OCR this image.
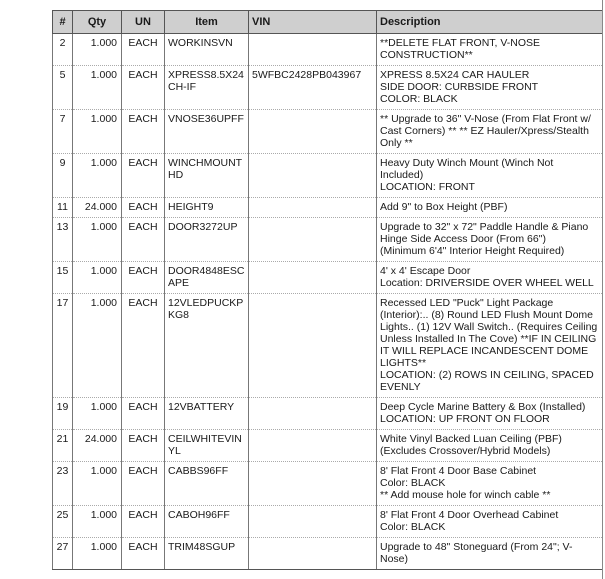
#	Qty	UN	Item	VIN	Description
2	1.000	EACH	WORKINSVN		**DELETE FLAT FRONT, V-NOSE CONSTRUCTION**

5	1.000	EACH	XPRESS8.5X24CH-IF	5WFBC2428PB043967	XPRESS 8.5X24 CAR HAULER
SIDE DOOR: CURBSIDE FRONT
COLOR: BLACK

7	1.000	EACH	VNOSE36UPFF		** Upgrade to 36" V-Nose (From Flat Front w/ Cast Corners) ** ** EZ Hauler/Xpress/Stealth Only **

9	1.000	EACH	WINCHMOUNTHD		Heavy Duty Winch Mount (Winch Not Included)
LOCATION: FRONT

11	24.000	EACH	HEIGHT9		Add 9" to Box Height (PBF)

13	1.000	EACH	DOOR3272UP		Upgrade to 32" x 72" Paddle Handle & Piano Hinge Side Access Door (From 66")
(Minimum 6'4" Interior Height Required)

15	1.000	EACH	DOOR4848ESCAPE		4' x 4' Escape Door
Location: DRIVERSIDE OVER WHEEL WELL

17	1.000	EACH	12VLEDPUCKPKG8		Recessed LED "Puck" Light Package (Interior):.. (8) Round LED Flush Mount Dome Lights.. (1) 12V Wall Switch.. (Requires Ceiling Unless Installed In The Cove) **IF IN CEILING IT WILL REPLACE INCANDESCENT DOME LIGHTS**
LOCATION: (2) ROWS IN CEILING, SPACED EVENLY

19	1.000	EACH	12VBATTERY		Deep Cycle Marine Battery & Box (Installed)
LOCATION: UP FRONT ON FLOOR

21	24.000	EACH	CEILWHITEVINYL		White Vinyl Backed Luan Ceiling (PBF)
(Excludes Crossover/Hybrid Models)

23	1.000	EACH	CABBS96FF		8' Flat Front 4 Door Base Cabinet
Color: BLACK
** Add mouse hole for winch cable **

25	1.000	EACH	CABOH96FF		8' Flat Front 4 Door Overhead Cabinet
Color: BLACK

27	1.000	EACH	TRIM48SGUP		Upgrade to 48" Stoneguard (From 24"; V-Nose)
